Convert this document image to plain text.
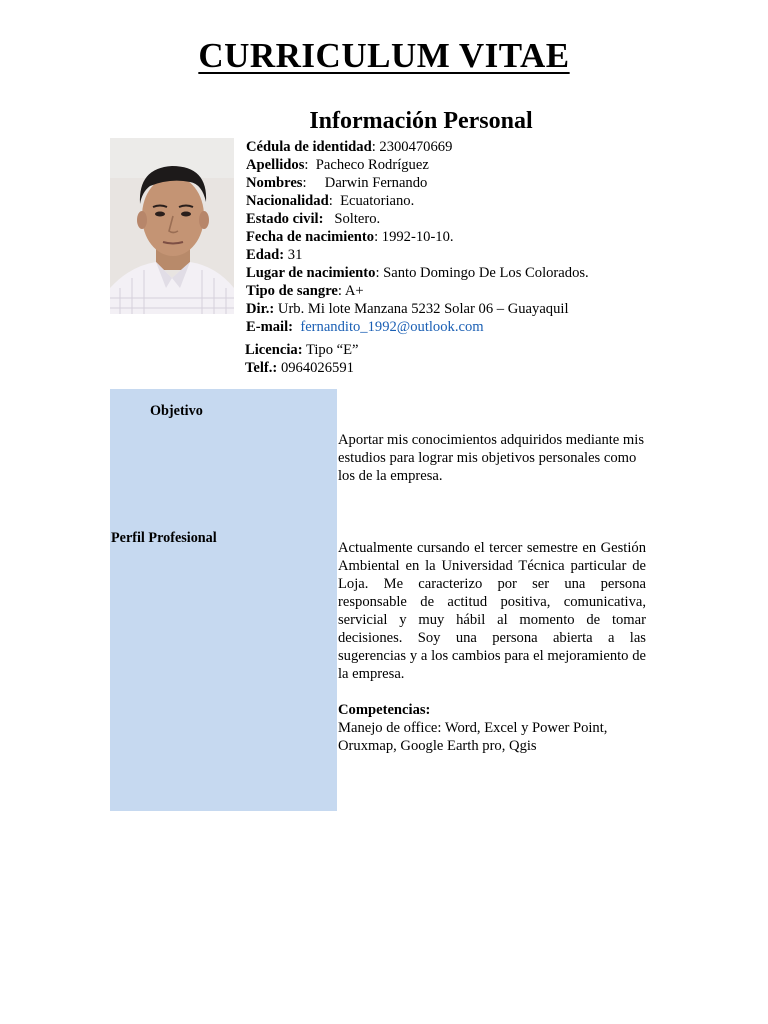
CURRICULUM VITAE
Información Personal
Cédula de identidad: 2300470669
Apellidos:  Pacheco Rodríguez
Nombres:     Darwin Fernando
Nacionalidad:  Ecuatoriano.
Estado civil:   Soltero.
Fecha de nacimiento: 1992-10-10.
Edad: 31
Lugar de nacimiento: Santo Domingo De Los Colorados.
Tipo de sangre: A+
Dir.: Urb. Mi lote Manzana 5232 Solar 06 – Guayaquil
E-mail: fernandito_1992@outlook.com
Licencia: Tipo “E”
Telf.: 0964026591
Objetivo
Perfil Profesional
Aportar mis conocimientos adquiridos mediante mis estudios para lograr mis objetivos personales como los de la empresa.
Actualmente cursando el tercer semestre en Gestión Ambiental en la Universidad Técnica particular de Loja. Me caracterizo por ser una persona responsable de actitud positiva, comunicativa, servicial y muy hábil al momento de tomar decisiones. Soy una persona abierta a las sugerencias y a los cambios para el mejoramiento de la empresa.
Competencias:
Manejo de office: Word, Excel y Power Point, Oruxmap, Google Earth pro, Qgis
